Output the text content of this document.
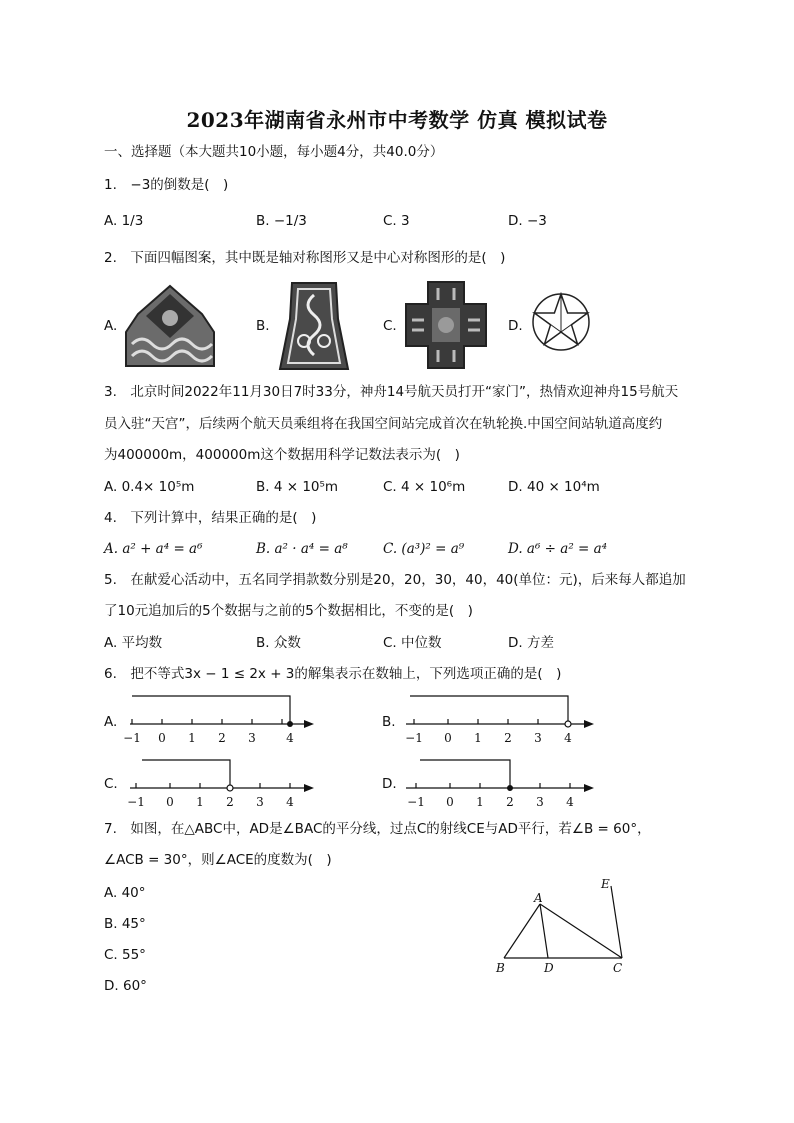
2023年湖南省永州市中考数学 仿真 模拟试卷
一、选择题（本大题共10小题，每小题4分，共40.0分）
1.　−3的倒数是(　)
A. 1/3	B. −1/3	C. 3	D. −3
2.　下面四幅图案，其中既是轴对称图形又是中心对称图形的是(　)
A.	B.	C.	D.
3.　北京时间2022年11月30日7时33分，神舟14号航天员打开“家门”，热情欢迎神舟15号航天
员入驻“天宫”，后续两个航天员乘组将在我国空间站完成首次在轨轮换.中国空间站轨道高度约
为400000m，400000m这个数据用科学记数法表示为(　)
A. 0.4× 10⁵m	B. 4 × 10⁵m	C. 4 × 10⁶m	D. 40 × 10⁴m
4.　下列计算中，结果正确的是(　)
A. a² + a⁴ = a⁶	B. a² · a⁴ = a⁸	C. (a³)² = a⁹	D. a⁶ ÷ a² = a⁴
5.　在献爱心活动中，五名同学捐款数分别是20，20，30，40，40(单位：元)，后来每人都追加
了10元追加后的5个数据与之前的5个数据相比，不变的是(　)
A. 平均数	B. 众数	C. 中位数	D. 方差
6.　把不等式3x − 1 ≤ 2x + 3的解集表示在数轴上，下列选项正确的是(　)
A.	B.
C.	D.
−1 0 1 2 3	4	−1 0 1 2 3 4
−1 0 1 2 3 4	−1 0 1 2 3 4
7.　如图，在△ABC中，AD是∠BAC的平分线，过点C的射线CE与AD平行，若∠B = 60°，
∠ACB = 30°，则∠ACE的度数为(　)
A. 40°
B. 45°
C. 55°
D. 60°
A
B	D	C
E
